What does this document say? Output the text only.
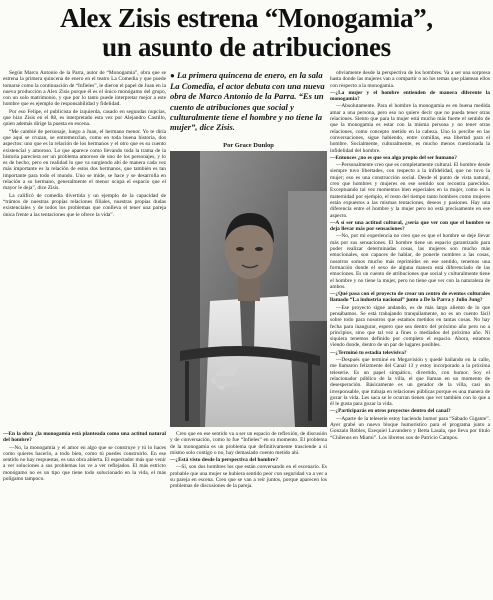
Alex Zisis estrena “Monogamia”,
un asunto de atribuciones

Según Marco Antonio de la Parra, autor de “Monogamia”, obra que se estrena la primera quincena de enero en el teatro La Comedia y que puede tomarse como la continuación de “Infieles”, le dieron el papel de Juan en la nueva producción a Alex Zisis porque él es el único monógamo del grupo, con un solo matrimonio, y que por lo tanto puede interpretar mejor a este hombre que es ejemplo de responsabilidad y fidelidad.

Por eso Felipe, el publicista de izquierda, casado en segundas nupcias, que hizo Zisis en el 88, es interpretado esta vez por Alejandro Castillo, quien además dirige la puesta en escena.

“Me cambié de personaje, luego a Juan, el hermano menor. Yo te diría que aquí se cruzan, se entremezclan, como en toda buena historia, dos aspectos: uno que es la relación de los hermanos y el otro que es su cuento existencial y amoroso. Lo que aparece como llevando toda la trama de la historia pareciera ser un problema amoroso de uno de los personajes, y lo es de hecho, pero en realidad lo que va surgiendo abí de manera cada vez más importante es la relación de estos dos hermanos, que también es tan importante para todo el mundo. Uno se mide, se hace y se desarrolla en relación a su hermano, generalmente el menor ocupa el espacio que el mayor le deja”, dice Zisis.

La calificó de comedia divertida y un ejemplo de la capacidad de “trámos de nuestras propias relaciones filiales, nuestras propias dudas existenciales y de todos los problemas que conlleva el tener una pareja única frente a las tentaciones que le ofrece la vida”.

—En la obra ¿la monogamia está planteada como una actitud natural del hombre?

—No, la monogamia y el amor en algo que se construye y tú lo haces como quieres hacerlo, a todo bien, como tú puedes construirlo. En ese sentido no hay respuestas, es una obra abierta. El espectador más que venir a ver soluciones a sus problemas los ve a ver reflejados. El más estricto monógamo no es un tipo que tiene todo solucionado en la vida, el más polígamo tampoco.

● La primera quincena de enero, en la sala La Comedia, el actor debuta con una nueva obra de Marco Antonio de la Parra. “Es un cuento de atribuciones que social y culturalmente tiene el hombre y no tiene la mujer”, dice Zisis.
Por Grace Dunlop

Creo que en ese sentido va a ser un espacio de reflexión, de discusión y de conversación, como lo fue “Infieles” en su momento. El problema de la monogamia es un problema que definitivamente trasciende a sí mismo solo contigo o no, hay demasiado cuento metido ahí.

—¿Está visto desde la perspectiva del hombre?

—Sí, son dos hombres los que están conversando en el escenario. Es probable que una mujer se hubiera sentido peor con seguridad va a ver a su pareja en escena. Creo que se van a reír juntos, porque aparecen los problemas de discusiones de la pareja.

obviamente desde la perspectiva de los hombres. Va a ser una sorpresa hasta donde las mujeres van a compartir o no los temas que plantean ellos con respecto a la monogamia.

—¿La mujer y el hombre entienden de manera diferente la monogamia?

—Absolutamente. Para el hombre la monogamia es en buena medida amar a una persona, pero eso no quiere decir que no pueda tener otras relaciones. Siento que para la mujer está mucho más fuerte el sentido de que la monogamia es estar con la misma persona y no tener otras relaciones, como concepto metido en la cabeza. Uno lo percibe en las conversaciones, sigue habiendo, entre comillas, esa libertad para el hombre. Socialmente, culturalmente, es mucho menos cuestionada la infidelidad del hombre.

—Entonces ¿no es que sea algo propio del ser humano?

—Personalmente creo que es completamente cultural. El hombre desde siempre tuvo libertades, con respecto a la infidelidad, que no tuvo la mujer; eso es una construcción social. Desde el punto de vista natural, creo que hombres y mujeres en ese sentido son recontra parecidos. Exceptuando tal vez momentos bien especiales en la mujer, como es la maternidad por ejemplo, el resto del tiempo tanto hombres como mujeres están expuestos a las mismas tentaciones, deseos y pasiones. Hay una diferencia entre el hombre y la mujer pero no está precisamente en ese aspecto.

—A sí ser una actitud cultural, ¿sería que ver con que el hombre se deja llevar más por sensaciones?

—No, por mi experiencia no creo que es que el hombre se deje llevar más por sus sensaciones. El hombre tiene un espacio garantizado para poder realizar determinadas cosas, las mujeres son mucho más emocionales, son capaces de hablar, de ponerle nombres a las cosas, nosotros somos mucho más reprimidos en ese sentido, tenemos una formación donde el sexo de alguna manera está diferenciado de las emociones. Es un cuento de atribuciones que social y culturalmente tiene el hombre y no tiene la mujer, pero no tiene que ver con la naturaleza de ambos.

—¿Qué pasa con el proyecto de crear un centro de eventos culturales llamado “La industria nacional” junto a De la Parra y Julio Jung?

—Ese proyecto sigue andando, es de más largo aliento de lo que pensábamos. Se está trabajando tranquilamente, no es un cuento fácil sobre todo para nosotros que estamos metidos en tantas cosas. No hay fecha para inaugurar, espero que sea dentro del próximo año pero no a principios, sino que tal vez a fines o mediados del próximo año. Ni siquiera tenemos definido por completo el espacio. Ahora, estamos viendo donde, dentro de un par de lugares posibles.

—¿Terminó tu estadía televisiva?

—Después que terminé en Megavisión y quedé bailando en la calle, me llamaron felizmente del Canal 13 y estoy incorporado a la próxima teleserie. Es un papel simpático, divertido, con humor. Soy el relacionador público de la villa, el que llaman en un momento de desesperación. Básicamente es un gerador de la villa, casi un irresponsable, que trabaja en relaciones públicas porque es una manera de gozar la vida. Les saca se le ocurran tienen que ver también con lo que a él le gusta para gozar la vida.

—¿Participarás en otros proyectos dentro del canal?

—Aparte de la teleserie estoy haciendo humor para “Sábado Gigante”. Ayer grabé un nuevo bloque humorístico para el programa junto a Gonzalo Robles, Ezequiel Lavandero y Berta Lasala, que lleva por título “Chilenos en Miami”. Los libretos son de Patricio Campos.
